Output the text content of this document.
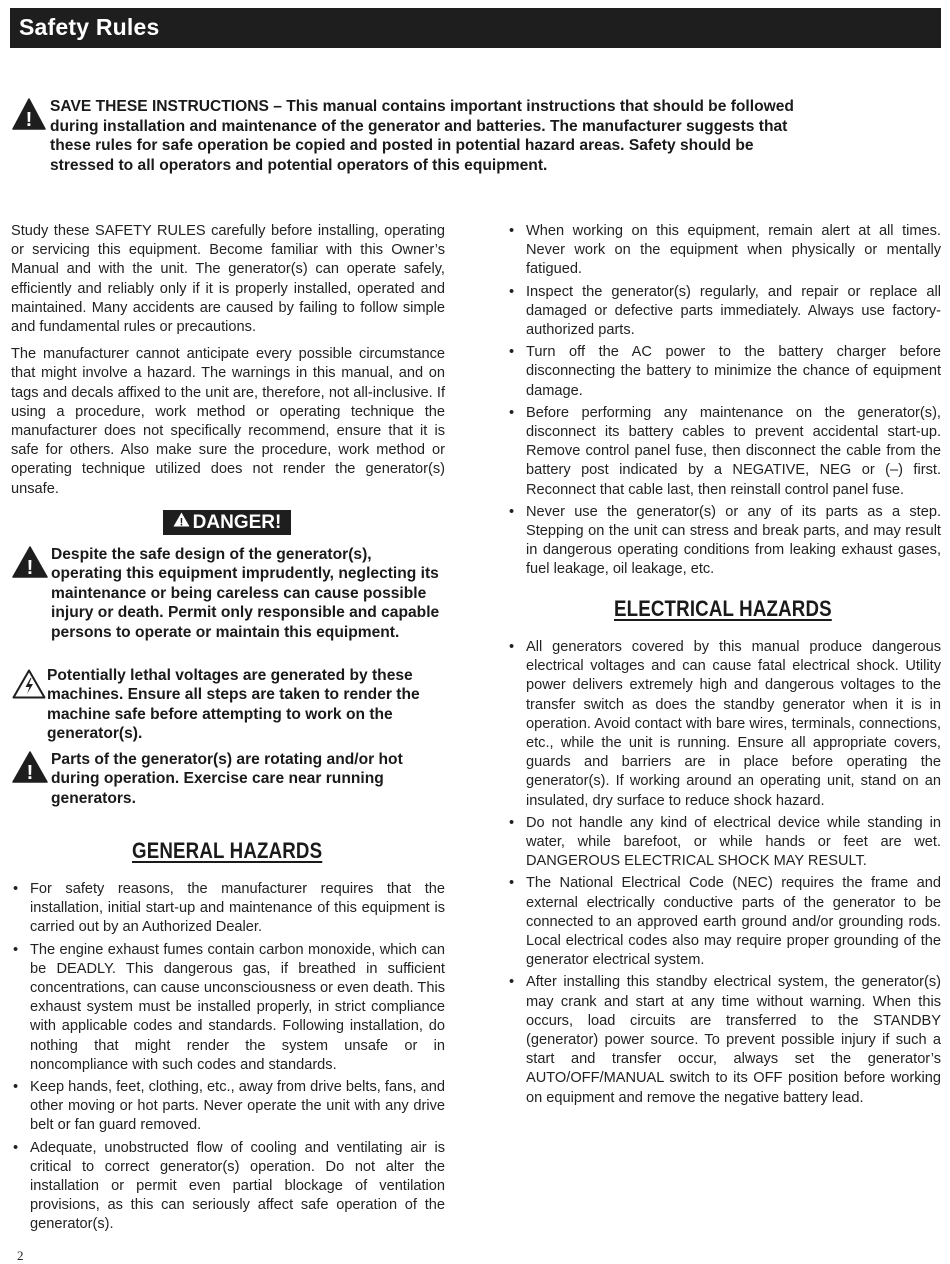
Safety Rules
!
SAVE THESE INSTRUCTIONS – This manual contains important instructions that should be followed
during installation and maintenance of the generator and batteries. The manufacturer suggests that
these rules for safe operation be copied and posted in potential hazard areas. Safety should be
stressed to all operators and potential operators of this equipment.

Study these SAFETY RULES carefully before installing, operating or servicing this equipment. Become familiar with this Owner’s Manual and with the unit. The generator(s) can operate safely, efficiently and reliably only if it is properly installed, operated and maintained. Many accidents are caused by failing to follow simple and fundamental rules or precautions.

The manufacturer cannot anticipate every possible circumstance that might involve a hazard. The warnings in this manual, and on tags and decals affixed to the unit are, therefore, not all-inclusive. If using a procedure, work method or operating technique the manufacturer does not specifically recommend, ensure that it is safe for others. Also make sure the procedure, work method or operating technique utilized does not render the generator(s) unsafe.

! DANGER!
!
Despite the safe design of the generator(s), operating this equipment imprudently, neglecting its maintenance or being careless can cause possible injury or death. Permit only responsible and capable persons to operate or maintain this equipment.
Potentially lethal voltages are generated by these machines. Ensure all steps are taken to render the machine safe before attempting to work on the generator(s).
!
Parts of the generator(s) are rotating and/or hot during operation. Exercise care near running generators.
GENERAL HAZARDS
• For safety reasons, the manufacturer requires that the installation, initial start-up and maintenance of this equipment is carried out by an Authorized Dealer.
• The engine exhaust fumes contain carbon monoxide, which can be DEADLY. This dangerous gas, if breathed in sufficient concentrations, can cause unconsciousness or even death. This exhaust system must be installed properly, in strict compliance with applicable codes and standards. Following installation, do nothing that might render the system unsafe or in noncompliance with such codes and standards.
• Keep hands, feet, clothing, etc., away from drive belts, fans, and other moving or hot parts. Never operate the unit with any drive belt or fan guard removed.
• Adequate, unobstructed flow of cooling and ventilating air is critical to correct generator(s) operation. Do not alter the installation or permit even partial blockage of ventilation provisions, as this can seriously affect safe operation of the generator(s).
• When working on this equipment, remain alert at all times. Never work on the equipment when physically or mentally fatigued.
• Inspect the generator(s) regularly, and repair or replace all damaged or defective parts immediately. Always use factory-authorized parts.
• Turn off the AC power to the battery charger before disconnecting the battery to minimize the chance of equipment damage.
• Before performing any maintenance on the generator(s), disconnect its battery cables to prevent accidental start-up. Remove control panel fuse, then disconnect the cable from the battery post indicated by a NEGATIVE, NEG or (–) first. Reconnect that cable last, then reinstall control panel fuse.
• Never use the generator(s) or any of its parts as a step. Stepping on the unit can stress and break parts, and may result in dangerous operating conditions from leaking exhaust gases, fuel leakage, oil leakage, etc.
ELECTRICAL HAZARDS
• All generators covered by this manual produce dangerous electrical voltages and can cause fatal electrical shock. Utility power delivers extremely high and dangerous voltages to the transfer switch as does the standby generator when it is in operation. Avoid contact with bare wires, terminals, connections, etc., while the unit is running. Ensure all appropriate covers, guards and barriers are in place before operating the generator(s). If working around an operating unit, stand on an insulated, dry surface to reduce shock hazard.
• Do not handle any kind of electrical device while standing in water, while barefoot, or while hands or feet are wet. DANGEROUS ELECTRICAL SHOCK MAY RESULT.
• The National Electrical Code (NEC) requires the frame and external electrically conductive parts of the generator to be connected to an approved earth ground and/or grounding rods. Local electrical codes also may require proper grounding of the generator electrical system.
• After installing this standby electrical system, the generator(s) may crank and start at any time without warning. When this occurs, load circuits are transferred to the STANDBY (generator) power source. To prevent possible injury if such a start and transfer occur, always set the generator’s AUTO/OFF/MANUAL switch to its OFF position before working on equipment and remove the negative battery lead.
2
